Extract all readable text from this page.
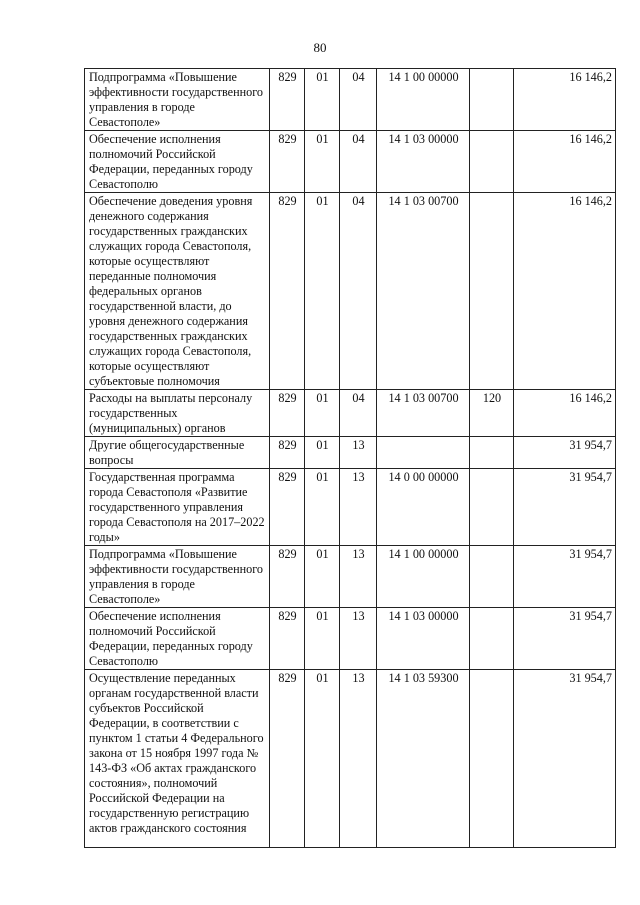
80
Подпрограмма «Повышение эффективности государственного управления в городе Севастополе»	829	01	04	14 1 00 00000		16 146,2
Обеспечение исполнения полномочий Российской Федерации, переданных городу Севастополю	829	01	04	14 1 03 00000		16 146,2
Обеспечение доведения уровня денежного содержания государственных гражданских служащих города Севастополя, которые осуществляют переданные полномочия федеральных органов государственной власти, до уровня денежного содержания государственных гражданских служащих города Севастополя, которые осуществляют субъектовые полномочия	829	01	04	14 1 03 00700		16 146,2
Расходы на выплаты персоналу государственных (муниципальных) органов	829	01	04	14 1 03 00700	120	16 146,2
Другие общегосударственные вопросы	829	01	13			31 954,7
Государственная программа города Севастополя «Развитие государственного управления города Севастополя на 2017–2022 годы»	829	01	13	14 0 00 00000		31 954,7
Подпрограмма «Повышение эффективности государственного управления в городе Севастополе»	829	01	13	14 1 00 00000		31 954,7
Обеспечение исполнения полномочий Российской Федерации, переданных городу Севастополю	829	01	13	14 1 03 00000		31 954,7
Осуществление переданных органам государственной власти субъектов Российской Федерации, в соответствии с пунктом 1 статьи 4 Федерального закона от 15 ноября 1997 года № 143-ФЗ «Об актах гражданского состояния», полномочий Российской Федерации на государственную регистрацию актов гражданского состояния	829	01	13	14 1 03 59300		31 954,7
